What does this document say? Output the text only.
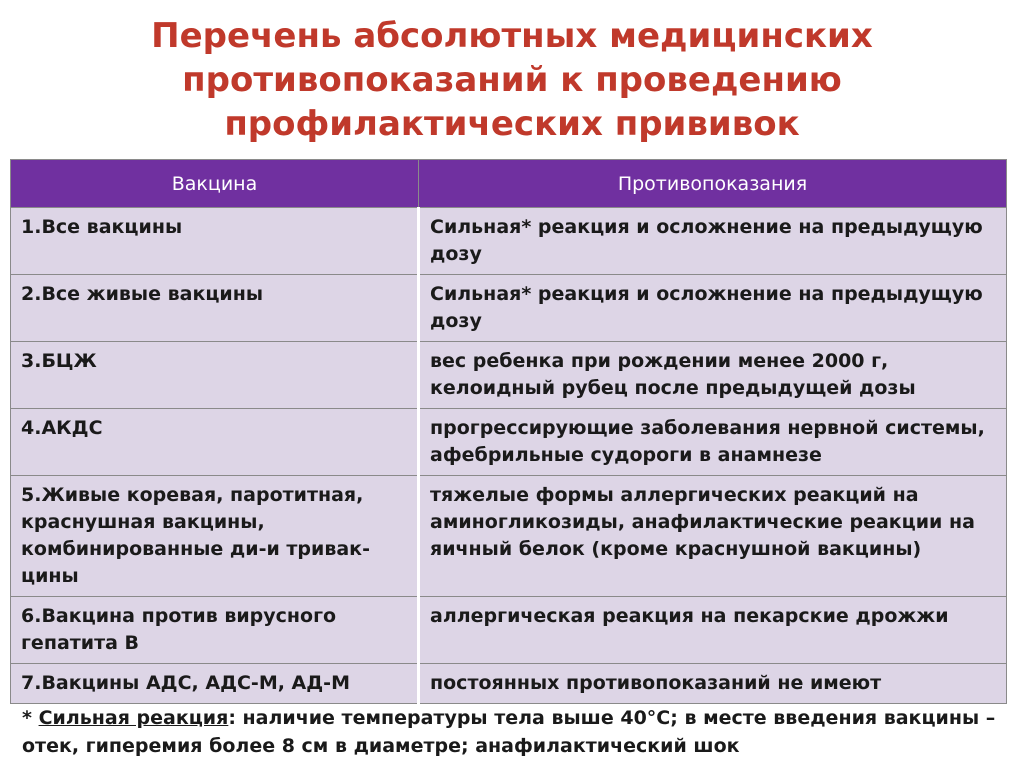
Перечень абсолютных медицинских
противопоказаний к проведению
профилактических прививок
Вакцина	Противопоказания
1.Все вакцины	Сильная* реакция и осложнение на предыдущую дозу
2.Все живые вакцины	Сильная* реакция и осложнение на предыдущую дозу
3.БЦЖ	вес ребенка при рождении менее 2000 г, келоидный рубец после предыдущей дозы
4.АКДС	прогрессирующие заболевания нервной системы, афебрильные судороги в анамнезе
5.Живые коревая, паротитная, краснушная вакцины, комбинированные ди-и тривак-цины	тяжелые формы аллергических реакций на аминогликозиды, анафилактические реакции на яичный белок (кроме краснушной вакцины)
6.Вакцина против вирусного гепатита В	аллергическая реакция на пекарские дрожжи
7.Вакцины АДС, АДС-М, АД-М	постоянных противопоказаний не имеют

* Сильная реакция: наличие температуры тела выше 40°С; в месте введения вакцины – отек, гиперемия более 8 см в диаметре; анафилактический шок
